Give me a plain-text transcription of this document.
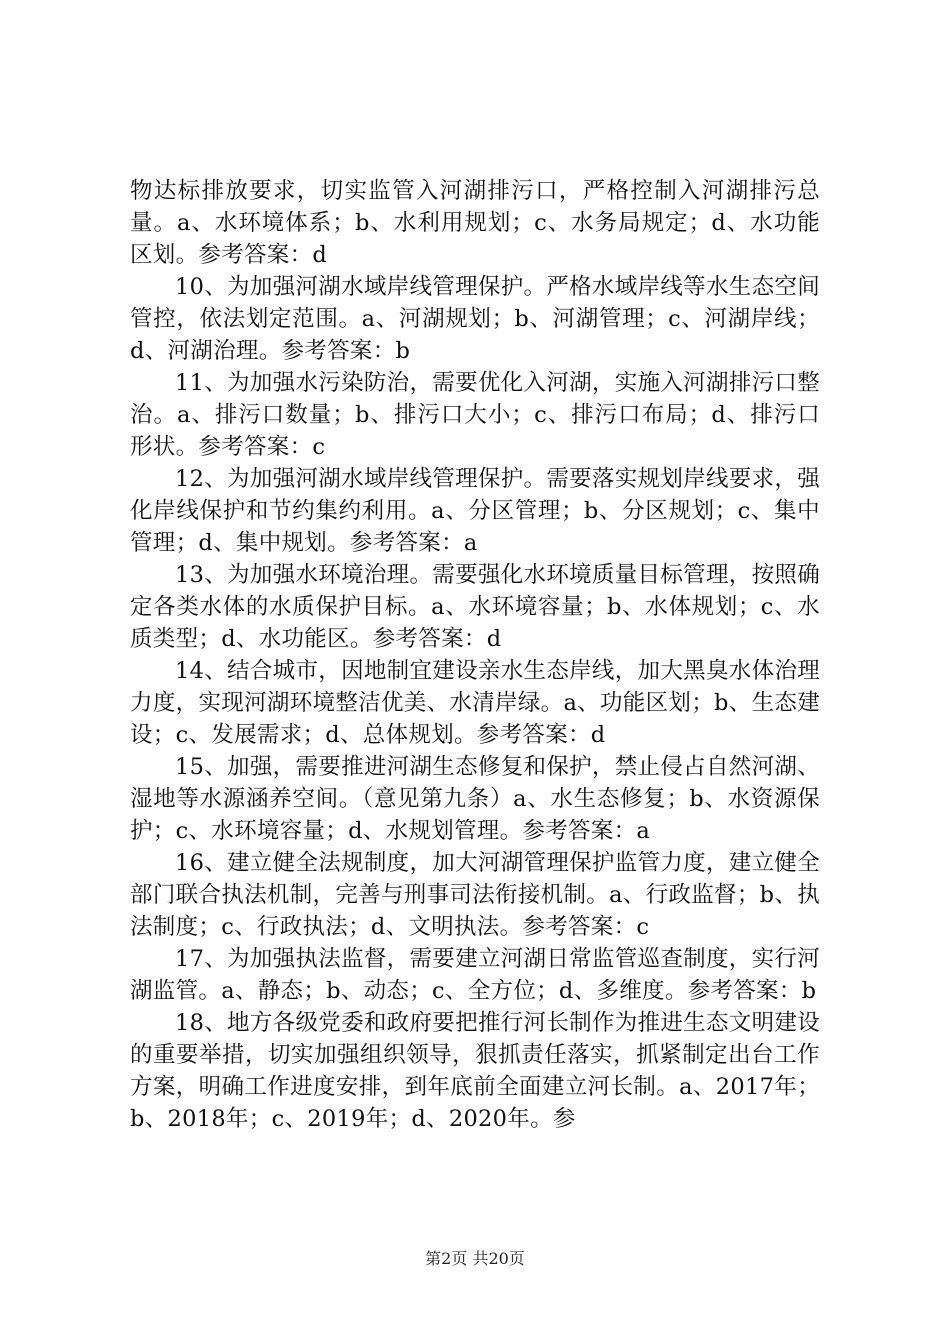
物达标排放要求，切实监管入河湖排污口，严格控制入河湖排污总量。a、水环境体系；b、水利用规划；c、水务局规定；d、水功能区划。参考答案：d

10、为加强河湖水域岸线管理保护。严格水域岸线等水生态空间管控，依法划定范围。a、河湖规划；b、河湖管理；c、河湖岸线；d、河湖治理。参考答案：b

11、为加强水污染防治，需要优化入河湖，实施入河湖排污口整治。a、排污口数量；b、排污口大小；c、排污口布局；d、排污口形状。参考答案：c

12、为加强河湖水域岸线管理保护。需要落实规划岸线要求，强化岸线保护和节约集约利用。a、分区管理；b、分区规划；c、集中管理；d、集中规划。参考答案：a

13、为加强水环境治理。需要强化水环境质量目标管理，按照确定各类水体的水质保护目标。a、水环境容量；b、水体规划；c、水质类型；d、水功能区。参考答案：d

14、结合城市，因地制宜建设亲水生态岸线，加大黑臭水体治理力度，实现河湖环境整洁优美、水清岸绿。a、功能区划；b、生态建设；c、发展需求；d、总体规划。参考答案：d

15、加强，需要推进河湖生态修复和保护，禁止侵占自然河湖、湿地等水源涵养空间。（意见第九条）a、水生态修复；b、水资源保护；c、水环境容量；d、水规划管理。参考答案：a

16、建立健全法规制度，加大河湖管理保护监管力度，建立健全部门联合执法机制，完善与刑事司法衔接机制。a、行政监督；b、执法制度；c、行政执法；d、文明执法。参考答案：c

17、为加强执法监督，需要建立河湖日常监管巡查制度，实行河湖监管。a、静态；b、动态；c、全方位；d、多维度。参考答案：b

18、地方各级党委和政府要把推行河长制作为推进生态文明建设的重要举措，切实加强组织领导，狠抓责任落实，抓紧制定出台工作方案，明确工作进度安排，到年底前全面建立河长制。a、2017年；b、2018年；c、2019年；d、2020年。参

第2页 共20页
